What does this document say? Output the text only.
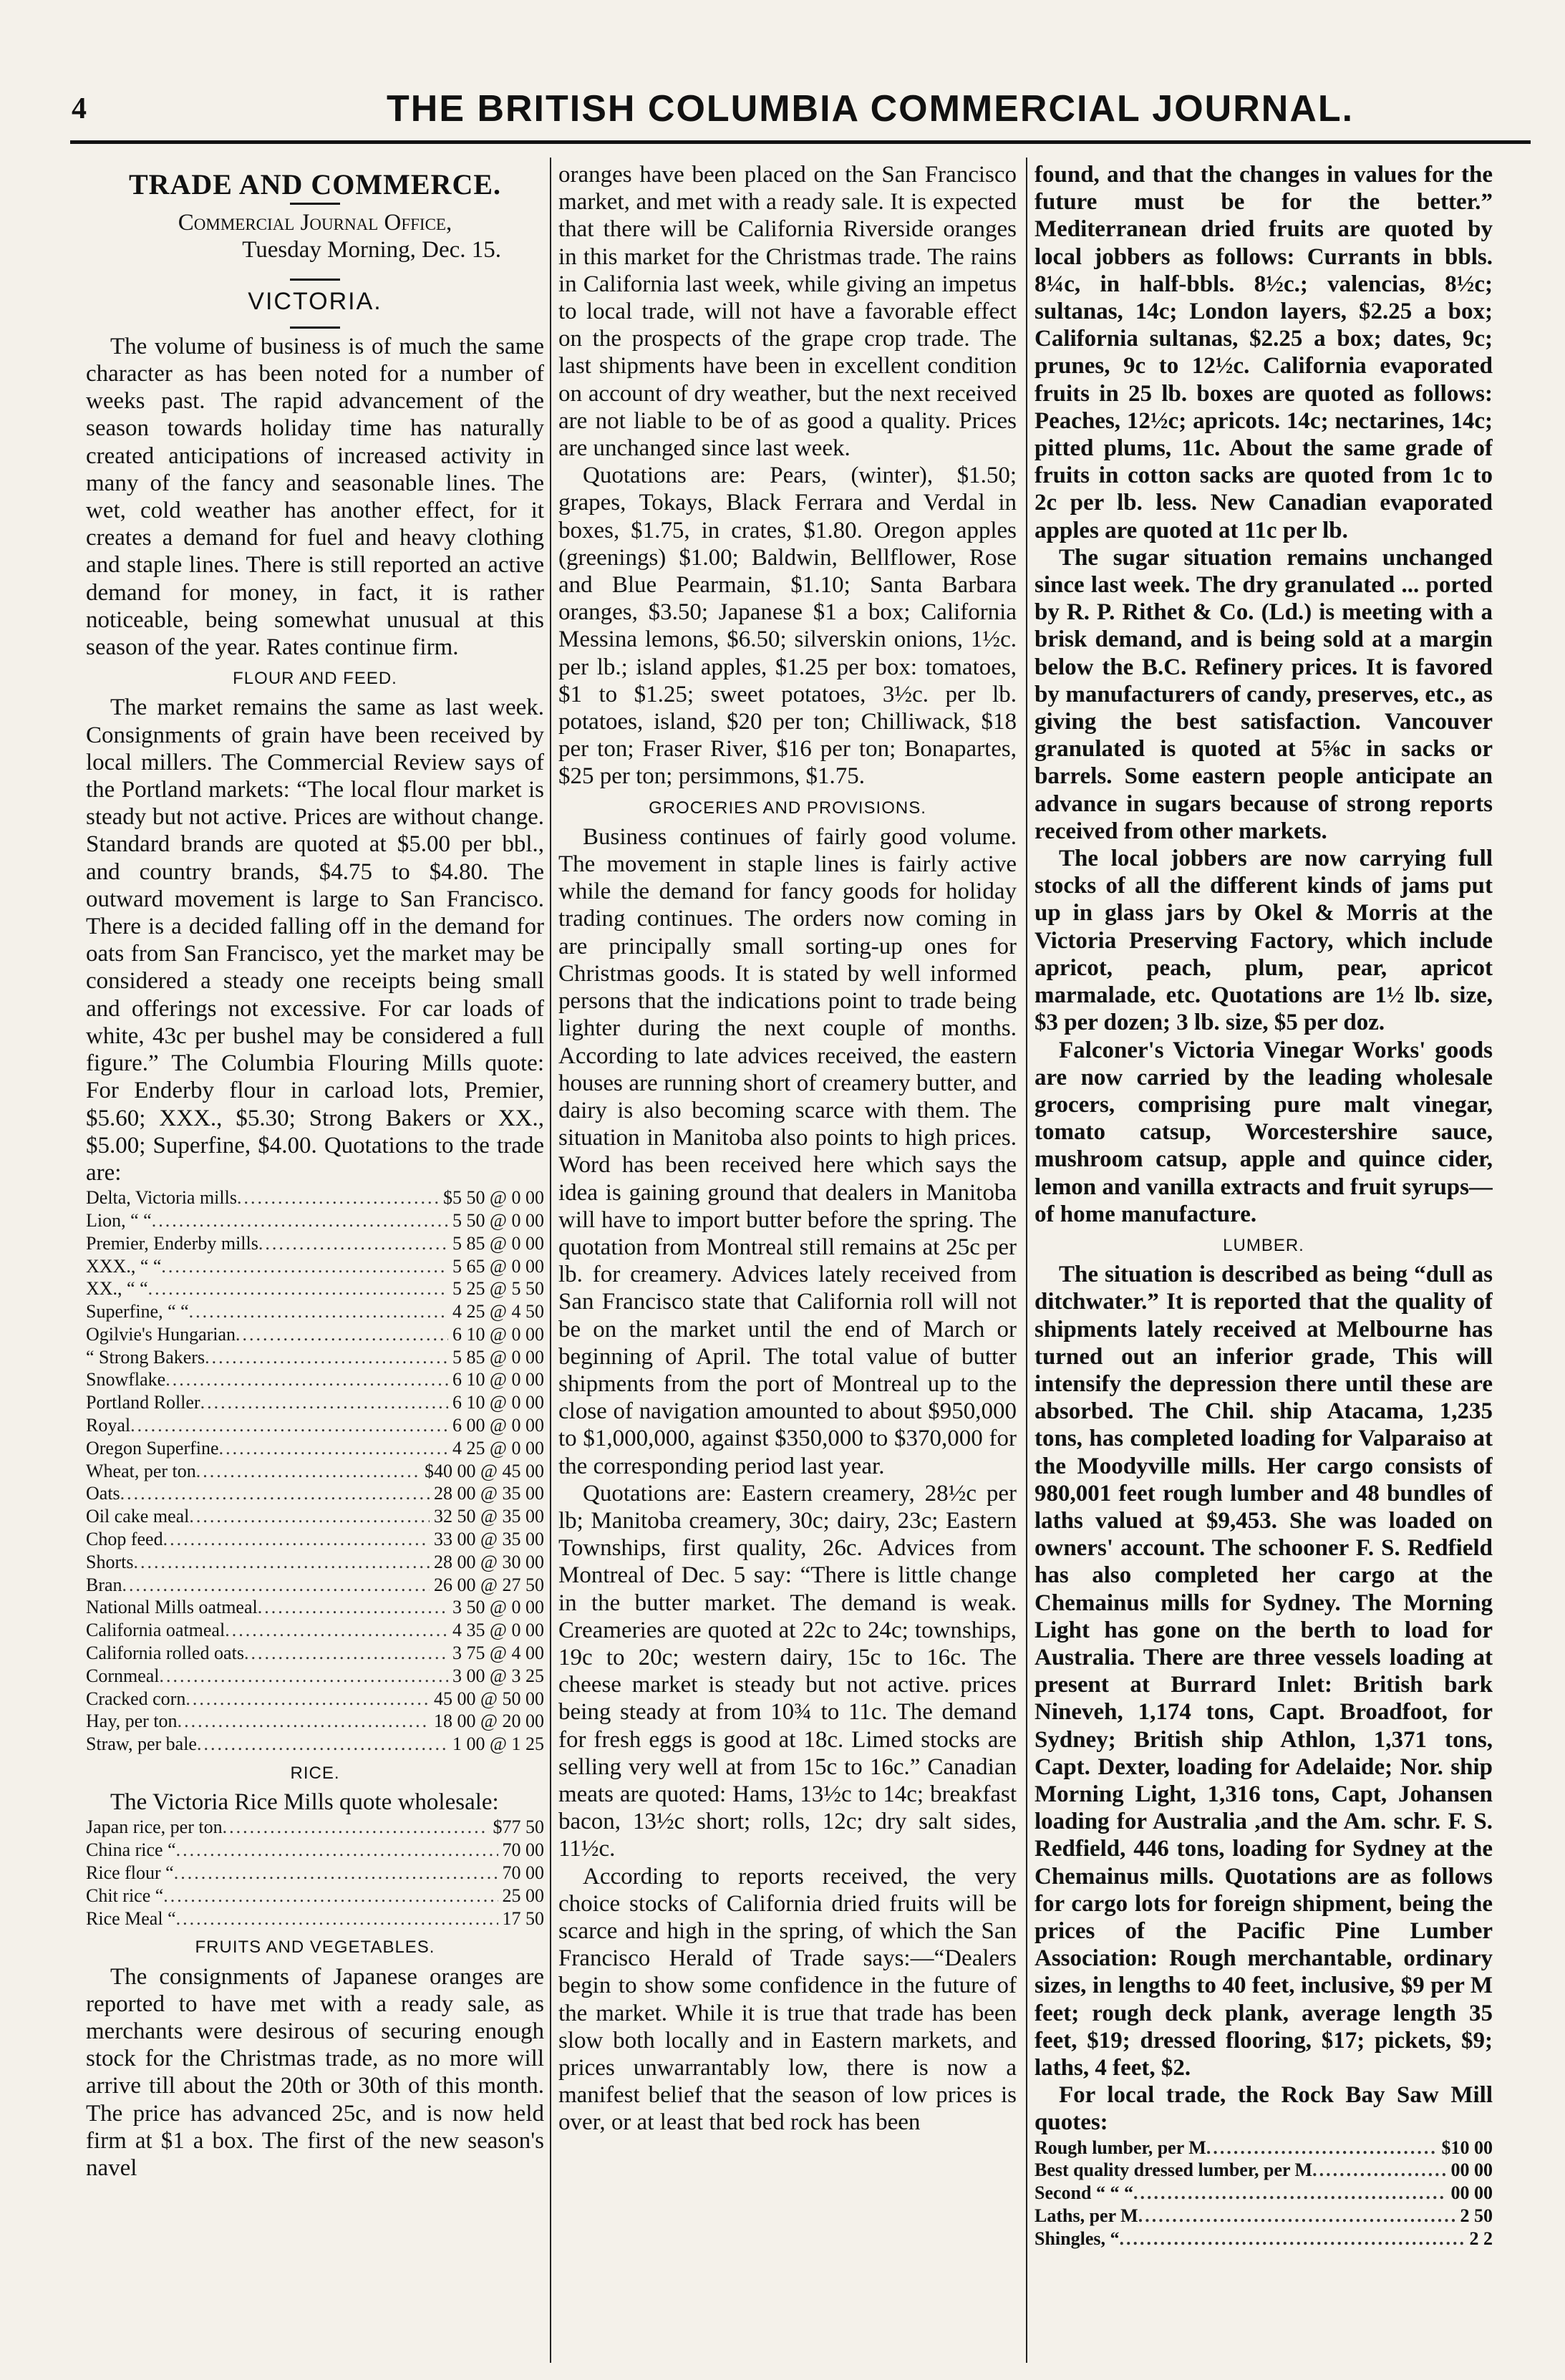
4	THE BRITISH COLUMBIA COMMERCIAL JOURNAL.
TRADE AND COMMERCE.

Commercial Journal Office,

Tuesday Morning, Dec. 15.

VICTORIA.

The volume of business is of much the same character as has been noted for a number of weeks past. The rapid advancement of the season towards holiday time has naturally created anticipations of increased activity in many of the fancy and seasonable lines. The wet, cold weather has another effect, for it creates a demand for fuel and heavy clothing and staple lines. There is still reported an active demand for money, in fact, it is rather noticeable, being somewhat unusual at this season of the year. Rates continue firm.

FLOUR AND FEED.

The market remains the same as last week. Consignments of grain have been received by local millers. The Commercial Review says of the Portland markets: “The local flour market is steady but not active. Prices are without change. Standard brands are quoted at $5.00 per bbl., and country brands, $4.75 to $4.80. The outward movement is large to San Francisco. There is a decided falling off in the demand for oats from San Francisco, yet the market may be considered a steady one receipts being small and offerings not excessive. For car loads of white, 43c per bushel may be considered a full figure.” The Columbia Flouring Mills quote: For Enderby flour in carload lots, Premier, $5.60; XXX., $5.30; Strong Bakers or XX., $5.00; Superfine, $4.00. Quotations to the trade are:

Delta, Victoria mills .....	$5 50 @ 0 00
Lion, “ “ .....	5 50 @ 0 00
Premier, Enderby mills .....	5 85 @ 0 00
XXX., “ “ .....	5 65 @ 0 00
XX., “ “ .....	5 25 @ 5 50
Superfine, “ “ .....	4 25 @ 4 50
Ogilvie's Hungarian .....	6 10 @ 0 00
“ Strong Bakers .....	5 85 @ 0 00
Snowflake .....	6 10 @ 0 00
Portland Roller .....	6 10 @ 0 00
Royal .....	6 00 @ 0 00
Oregon Superfine .....	4 25 @ 0 00
Wheat, per ton .....	$40 00 @ 45 00
Oats .....	28 00 @ 35 00
Oil cake meal .....	32 50 @ 35 00
Chop feed .....	33 00 @ 35 00
Shorts .....	28 00 @ 30 00
Bran .....	26 00 @ 27 50
National Mills oatmeal .....	3 50 @ 0 00
California oatmeal .....	4 35 @ 0 00
California rolled oats .....	3 75 @ 4 00
Cornmeal .....	3 00 @ 3 25
Cracked corn .....	45 00 @ 50 00
Hay, per ton .....	18 00 @ 20 00
Straw, per bale .....	1 00 @ 1 25
RICE.

The Victoria Rice Mills quote wholesale:

Japan rice, per ton .....	$77 50
China rice “ .....	70 00
Rice flour “ .....	70 00
Chit rice “ .....	25 00
Rice Meal “ .....	17 50
FRUITS AND VEGETABLES.

The consignments of Japanese oranges are reported to have met with a ready sale, as merchants were desirous of securing enough stock for the Christmas trade, as no more will arrive till about the 20th or 30th of this month. The price has advanced 25c, and is now held firm at $1 a box. The first of the new season's navel

oranges have been placed on the San Francisco market, and met with a ready sale. It is expected that there will be California Riverside oranges in this market for the Christmas trade. The rains in California last week, while giving an impetus to local trade, will not have a favorable effect on the prospects of the grape crop trade. The last shipments have been in excellent condition on account of dry weather, but the next received are not liable to be of as good a quality. Prices are unchanged since last week.

Quotations are: Pears, (winter), $1.50; grapes, Tokays, Black Ferrara and Verdal in boxes, $1.75, in crates, $1.80. Oregon apples (greenings) $1.00; Baldwin, Bellflower, Rose and Blue Pearmain, $1.10; Santa Barbara oranges, $3.50; Japanese $1 a box; California Messina lemons, $6.50; silverskin onions, 1½c. per lb.; island apples, $1.25 per box: tomatoes, $1 to $1.25; sweet potatoes, 3½c. per lb. potatoes, island, $20 per ton; Chilliwack, $18 per ton; Fraser River, $16 per ton; Bonapartes, $25 per ton; persimmons, $1.75.

GROCERIES AND PROVISIONS.

Business continues of fairly good volume. The movement in staple lines is fairly active while the demand for fancy goods for holiday trading continues. The orders now coming in are principally small sorting-up ones for Christmas goods. It is stated by well informed persons that the indications point to trade being lighter during the next couple of months. According to late advices received, the eastern houses are running short of creamery butter, and dairy is also becoming scarce with them. The situation in Manitoba also points to high prices. Word has been received here which says the idea is gaining ground that dealers in Manitoba will have to import butter before the spring. The quotation from Montreal still remains at 25c per lb. for creamery. Advices lately received from San Francisco state that California roll will not be on the market until the end of March or beginning of April. The total value of butter shipments from the port of Montreal up to the close of navigation amounted to about $950,000 to $1,000,000, against $350,000 to $370,000 for the corresponding period last year.

Quotations are: Eastern creamery, 28½c per lb; Manitoba creamery, 30c; dairy, 23c; Eastern Townships, first quality, 26c. Advices from Montreal of Dec. 5 say: “There is little change in the butter market. The demand is weak. Creameries are quoted at 22c to 24c; townships, 19c to 20c; western dairy, 15c to 16c. The cheese market is steady but not active. prices being steady at from 10¾ to 11c. The demand for fresh eggs is good at 18c. Limed stocks are selling very well at from 15c to 16c.” Canadian meats are quoted: Hams, 13½c to 14c; breakfast bacon, 13½c short; rolls, 12c; dry salt sides, 11½c.

According to reports received, the very choice stocks of California dried fruits will be scarce and high in the spring, of which the San Francisco Herald of Trade says:—“Dealers begin to show some confidence in the future of the market. While it is true that trade has been slow both locally and in Eastern markets, and prices unwarrantably low, there is now a manifest belief that the season of low prices is over, or at least that bed rock has been

found, and that the changes in values for the future must be for the better.” Mediterranean dried fruits are quoted by local jobbers as follows: Currants in bbls. 8¼c, in half-bbls. 8½c.; valencias, 8½c; sultanas, 14c; London layers, $2.25 a box; California sultanas, $2.25 a box; dates, 9c; prunes, 9c to 12½c. California evaporated fruits in 25 lb. boxes are quoted as follows: Peaches, 12½c; apricots. 14c; nectarines, 14c; pitted plums, 11c. About the same grade of fruits in cotton sacks are quoted from 1c to 2c per lb. less. New Canadian evaporated apples are quoted at 11c per lb.

The sugar situation remains unchanged since last week. The dry granulated ... ported by R. P. Rithet & Co. (Ld.) is meeting with a brisk demand, and is being sold at a margin below the B.C. Refinery prices. It is favored by manufacturers of candy, preserves, etc., as giving the best satisfaction. Vancouver granulated is quoted at 5⅝c in sacks or barrels. Some eastern people anticipate an advance in sugars because of strong reports received from other markets.

The local jobbers are now carrying full stocks of all the different kinds of jams put up in glass jars by Okel & Morris at the Victoria Preserving Factory, which include apricot, peach, plum, pear, apricot marmalade, etc. Quotations are 1½ lb. size, $3 per dozen; 3 lb. size, $5 per doz.

Falconer's Victoria Vinegar Works' goods are now carried by the leading wholesale grocers, comprising pure malt vinegar, tomato catsup, Worcestershire sauce, mushroom catsup, apple and quince cider, lemon and vanilla extracts and fruit syrups—of home manufacture.

LUMBER.

The situation is described as being “dull as ditchwater.” It is reported that the quality of shipments lately received at Melbourne has turned out an inferior grade, This will intensify the depression there until these are absorbed. The Chil. ship Atacama, 1,235 tons, has completed loading for Valparaiso at the Moodyville mills. Her cargo consists of 980,001 feet rough lumber and 48 bundles of laths valued at $9,453. She was loaded on owners' account. The schooner F. S. Redfield has also completed her cargo at the Chemainus mills for Sydney. The Morning Light has gone on the berth to load for Australia. There are three vessels loading at present at Burrard Inlet: British bark Nineveh, 1,174 tons, Capt. Broadfoot, for Sydney; British ship Athlon, 1,371 tons, Capt. Dexter, loading for Adelaide; Nor. ship Morning Light, 1,316 tons, Capt, Johansen loading for Australia ,and the Am. schr. F. S. Redfield, 446 tons, loading for Sydney at the Chemainus mills. Quotations are as follows for cargo lots for foreign shipment, being the prices of the Pacific Pine Lumber Association: Rough merchantable, ordinary sizes, in lengths to 40 feet, inclusive, $9 per M feet; rough deck plank, average length 35 feet, $19; dressed flooring, $17; pickets, $9; laths, 4 feet, $2.

For local trade, the Rock Bay Saw Mill quotes:

Rough lumber, per M .....	$10 00
Best quality dressed lumber, per M .....	00 00
Second “ “ “ .....	00 00
Laths, per M .....	2 50
Shingles, “ .....	2 2
